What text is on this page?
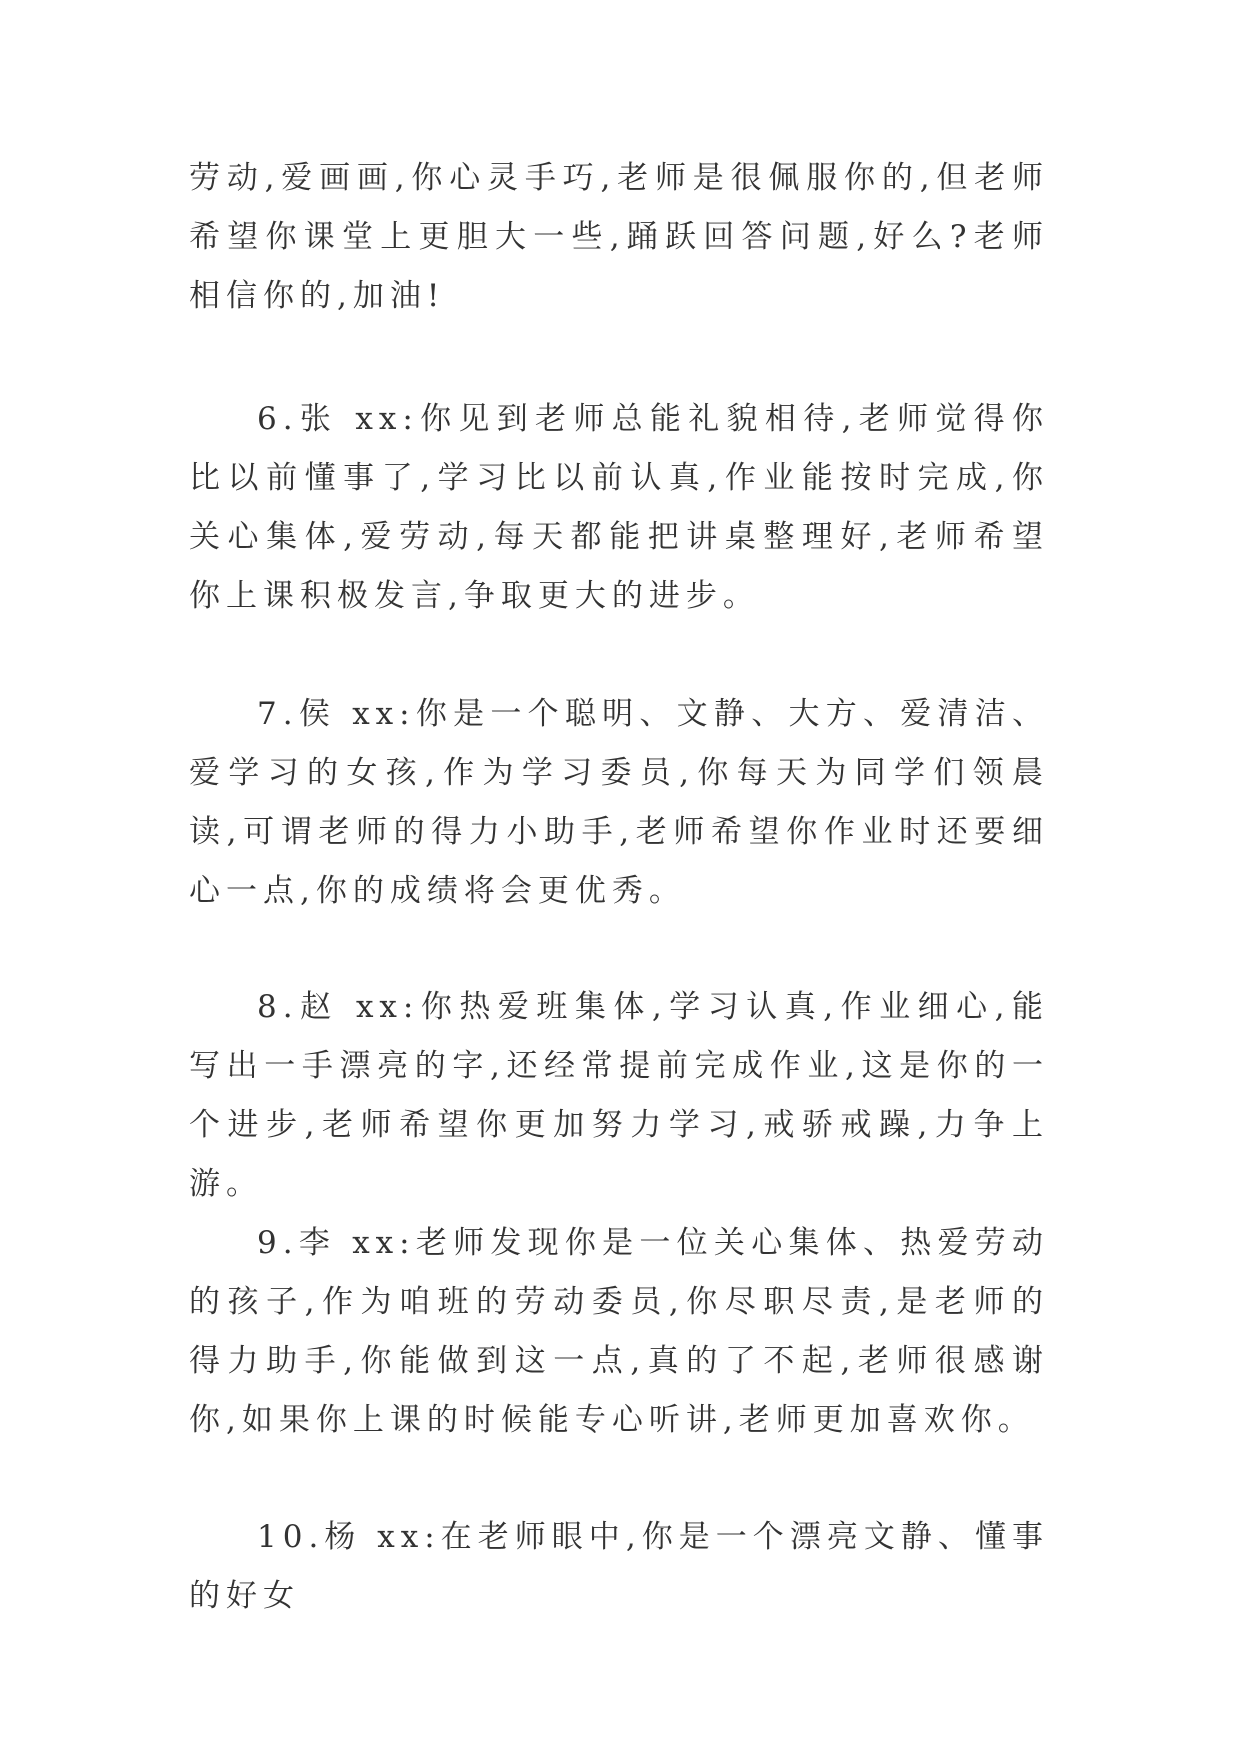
劳动,爱画画,你心灵手巧,老师是很佩服你的,但老师希望你课堂上更胆大一些,踊跃回答问题,好么?老师相信你的,加油!

6.张 xx:你见到老师总能礼貌相待,老师觉得你比以前懂事了,学习比以前认真,作业能按时完成,你关心集体,爱劳动,每天都能把讲桌整理好,老师希望你上课积极发言,争取更大的进步。

7.侯 xx:你是一个聪明、文静、大方、爱清洁、爱学习的女孩,作为学习委员,你每天为同学们领晨读,可谓老师的得力小助手,老师希望你作业时还要细心一点,你的成绩将会更优秀。

8.赵 xx:你热爱班集体,学习认真,作业细心,能写出一手漂亮的字,还经常提前完成作业,这是你的一个进步,老师希望你更加努力学习,戒骄戒躁,力争上游。

9.李 xx:老师发现你是一位关心集体、热爱劳动的孩子,作为咱班的劳动委员,你尽职尽责,是老师的得力助手,你能做到这一点,真的了不起,老师很感谢你,如果你上课的时候能专心听讲,老师更加喜欢你。

10.杨 xx:在老师眼中,你是一个漂亮文静、懂事的好女
